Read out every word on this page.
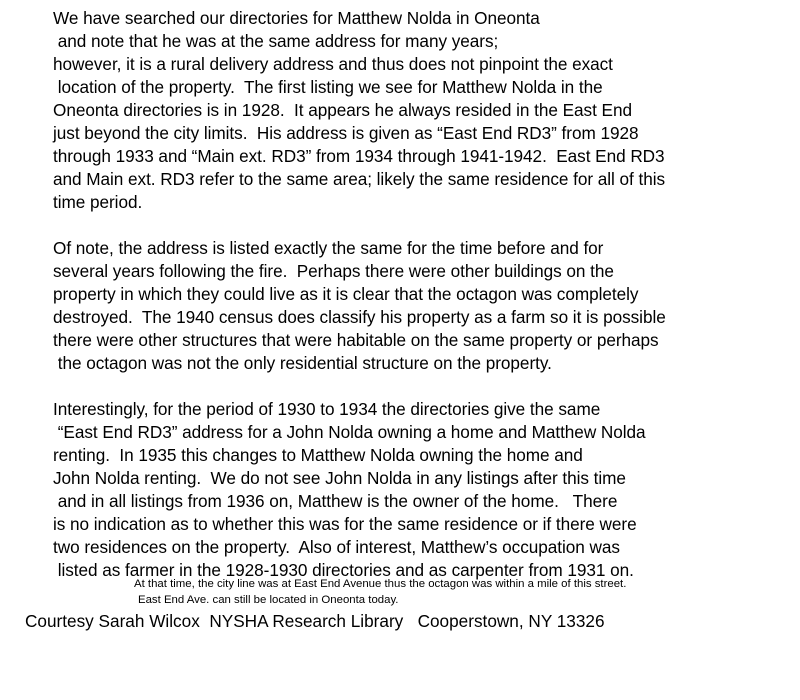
We have searched our directories for Matthew Nolda in Oneonta
and note that he was at the same address for many years;
however, it is a rural delivery address and thus does not pinpoint the exact
location of the property.  The first listing we see for Matthew Nolda in the
Oneonta directories is in 1928.  It appears he always resided in the East End
just beyond the city limits.  His address is given as “East End RD3” from 1928
through 1933 and “Main ext. RD3” from 1934 through 1941-1942.  East End RD3
and Main ext. RD3 refer to the same area; likely the same residence for all of this
time period.
Of note, the address is listed exactly the same for the time before and for
several years following the fire.  Perhaps there were other buildings on the
property in which they could live as it is clear that the octagon was completely
destroyed.  The 1940 census does classify his property as a farm so it is possible
there were other structures that were habitable on the same property or perhaps
the octagon was not the only residential structure on the property.
Interestingly, for the period of 1930 to 1934 the directories give the same
“East End RD3” address for a John Nolda owning a home and Matthew Nolda
renting.  In 1935 this changes to Matthew Nolda owning the home and
John Nolda renting.  We do not see John Nolda in any listings after this time
and in all listings from 1936 on, Matthew is the owner of the home.   There
is no indication as to whether this was for the same residence or if there were
two residences on the property.  Also of interest, Matthew’s occupation was
listed as farmer in the 1928-1930 directories and as carpenter from 1931 on.
At that time, the city line was at East End Avenue thus the octagon was within a mile of this street.
East End Ave. can still be located in Oneonta today.
Courtesy Sarah Wilcox  NYSHA Research Library   Cooperstown, NY 13326
